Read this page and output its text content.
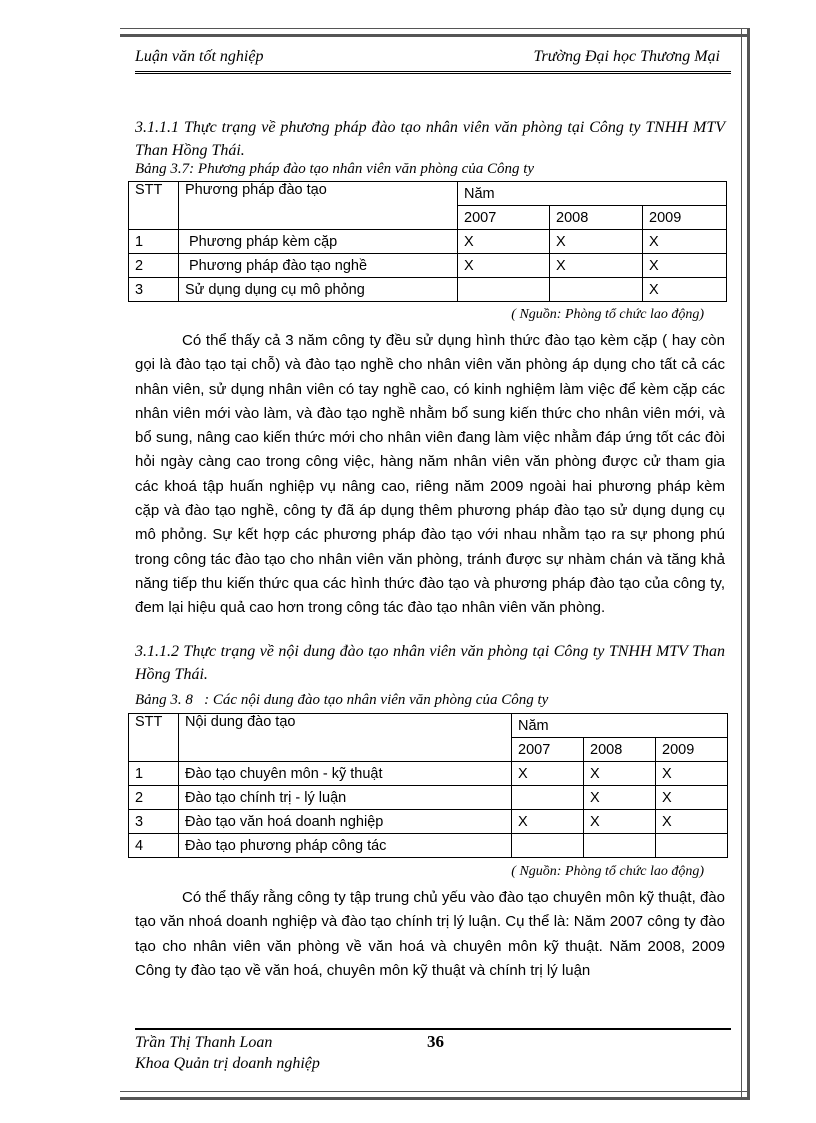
Luận văn tốt nghiệp	Trường Đại học Thương Mại
3.1.1.1 Thực trạng về phương pháp đào tạo nhân viên văn phòng tại Công ty TNHH MTV Than Hồng Thái.
Bảng 3.7: Phương pháp đào tạo nhân viên văn phòng của Công ty
STT	Phương pháp đào tạo	Năm		
		2007	2008	2009
1	Phương pháp kèm cặp	X	X	X
2	Phương pháp đào tạo nghề	X	X	X
3	Sử dụng dụng cụ mô phỏng			X
( Nguồn: Phòng tổ chức lao động)
Có thể thấy cả 3 năm công ty đều sử dụng hình thức đào tạo kèm cặp ( hay còn gọi là đào tạo tại chỗ) và đào tạo nghề cho nhân viên văn phòng áp dụng cho tất cả các nhân viên, sử dụng nhân viên có tay nghề cao, có kinh nghiệm làm việc để kèm cặp các nhân viên mới vào làm, và đào tạo nghề nhằm bổ sung kiến thức cho nhân viên mới, và bổ sung, nâng cao kiến thức mới cho nhân viên đang làm việc nhằm đáp ứng tốt các đòi hỏi ngày càng cao trong công việc, hàng năm nhân viên văn phòng được cử tham gia các khoá tập huấn nghiệp vụ nâng cao, riêng năm 2009 ngoài hai phương pháp kèm cặp và đào tạo nghề, công ty đã áp dụng thêm phương pháp đào tạo sử dụng dụng cụ mô phỏng. Sự kết hợp các phương pháp đào tạo với nhau nhằm tạo ra sự phong phú trong công tác đào tạo cho nhân viên văn phòng, tránh được sự nhàm chán và tăng khả năng tiếp thu kiến thức qua các hình thức đào tạo và phương pháp đào tạo của công ty, đem lại hiệu quả cao hơn trong công tác đào tạo nhân viên văn phòng.
3.1.1.2 Thực trạng về nội dung đào tạo nhân viên văn phòng tại Công ty TNHH MTV Than Hồng Thái.
Bảng 3. 8   : Các nội dung đào tạo nhân viên văn phòng của Công ty
STT	Nội dung đào tạo	Năm		
		2007	2008	2009
1	Đào tạo chuyên môn - kỹ thuật	X	X	X
2	Đào tạo chính trị - lý luận		X	X
3	Đào tạo văn hoá doanh nghiệp	X	X	X
4	Đào tạo phương pháp công tác			
( Nguồn: Phòng tổ chức lao động)
Có thể thấy rằng công ty tập trung chủ yếu vào đào tạo chuyên môn kỹ thuật, đào tạo văn nhoá doanh nghiệp và đào tạo chính trị lý luận. Cụ thể là: Năm 2007 công ty đào tạo cho nhân viên văn phòng về văn hoá và chuyên môn kỹ thuật. Năm 2008, 2009 Công ty đào tạo về văn hoá, chuyên môn kỹ thuật và chính trị lý luận
Trần Thị Thanh Loan	36
Khoa Quản trị doanh nghiệp
